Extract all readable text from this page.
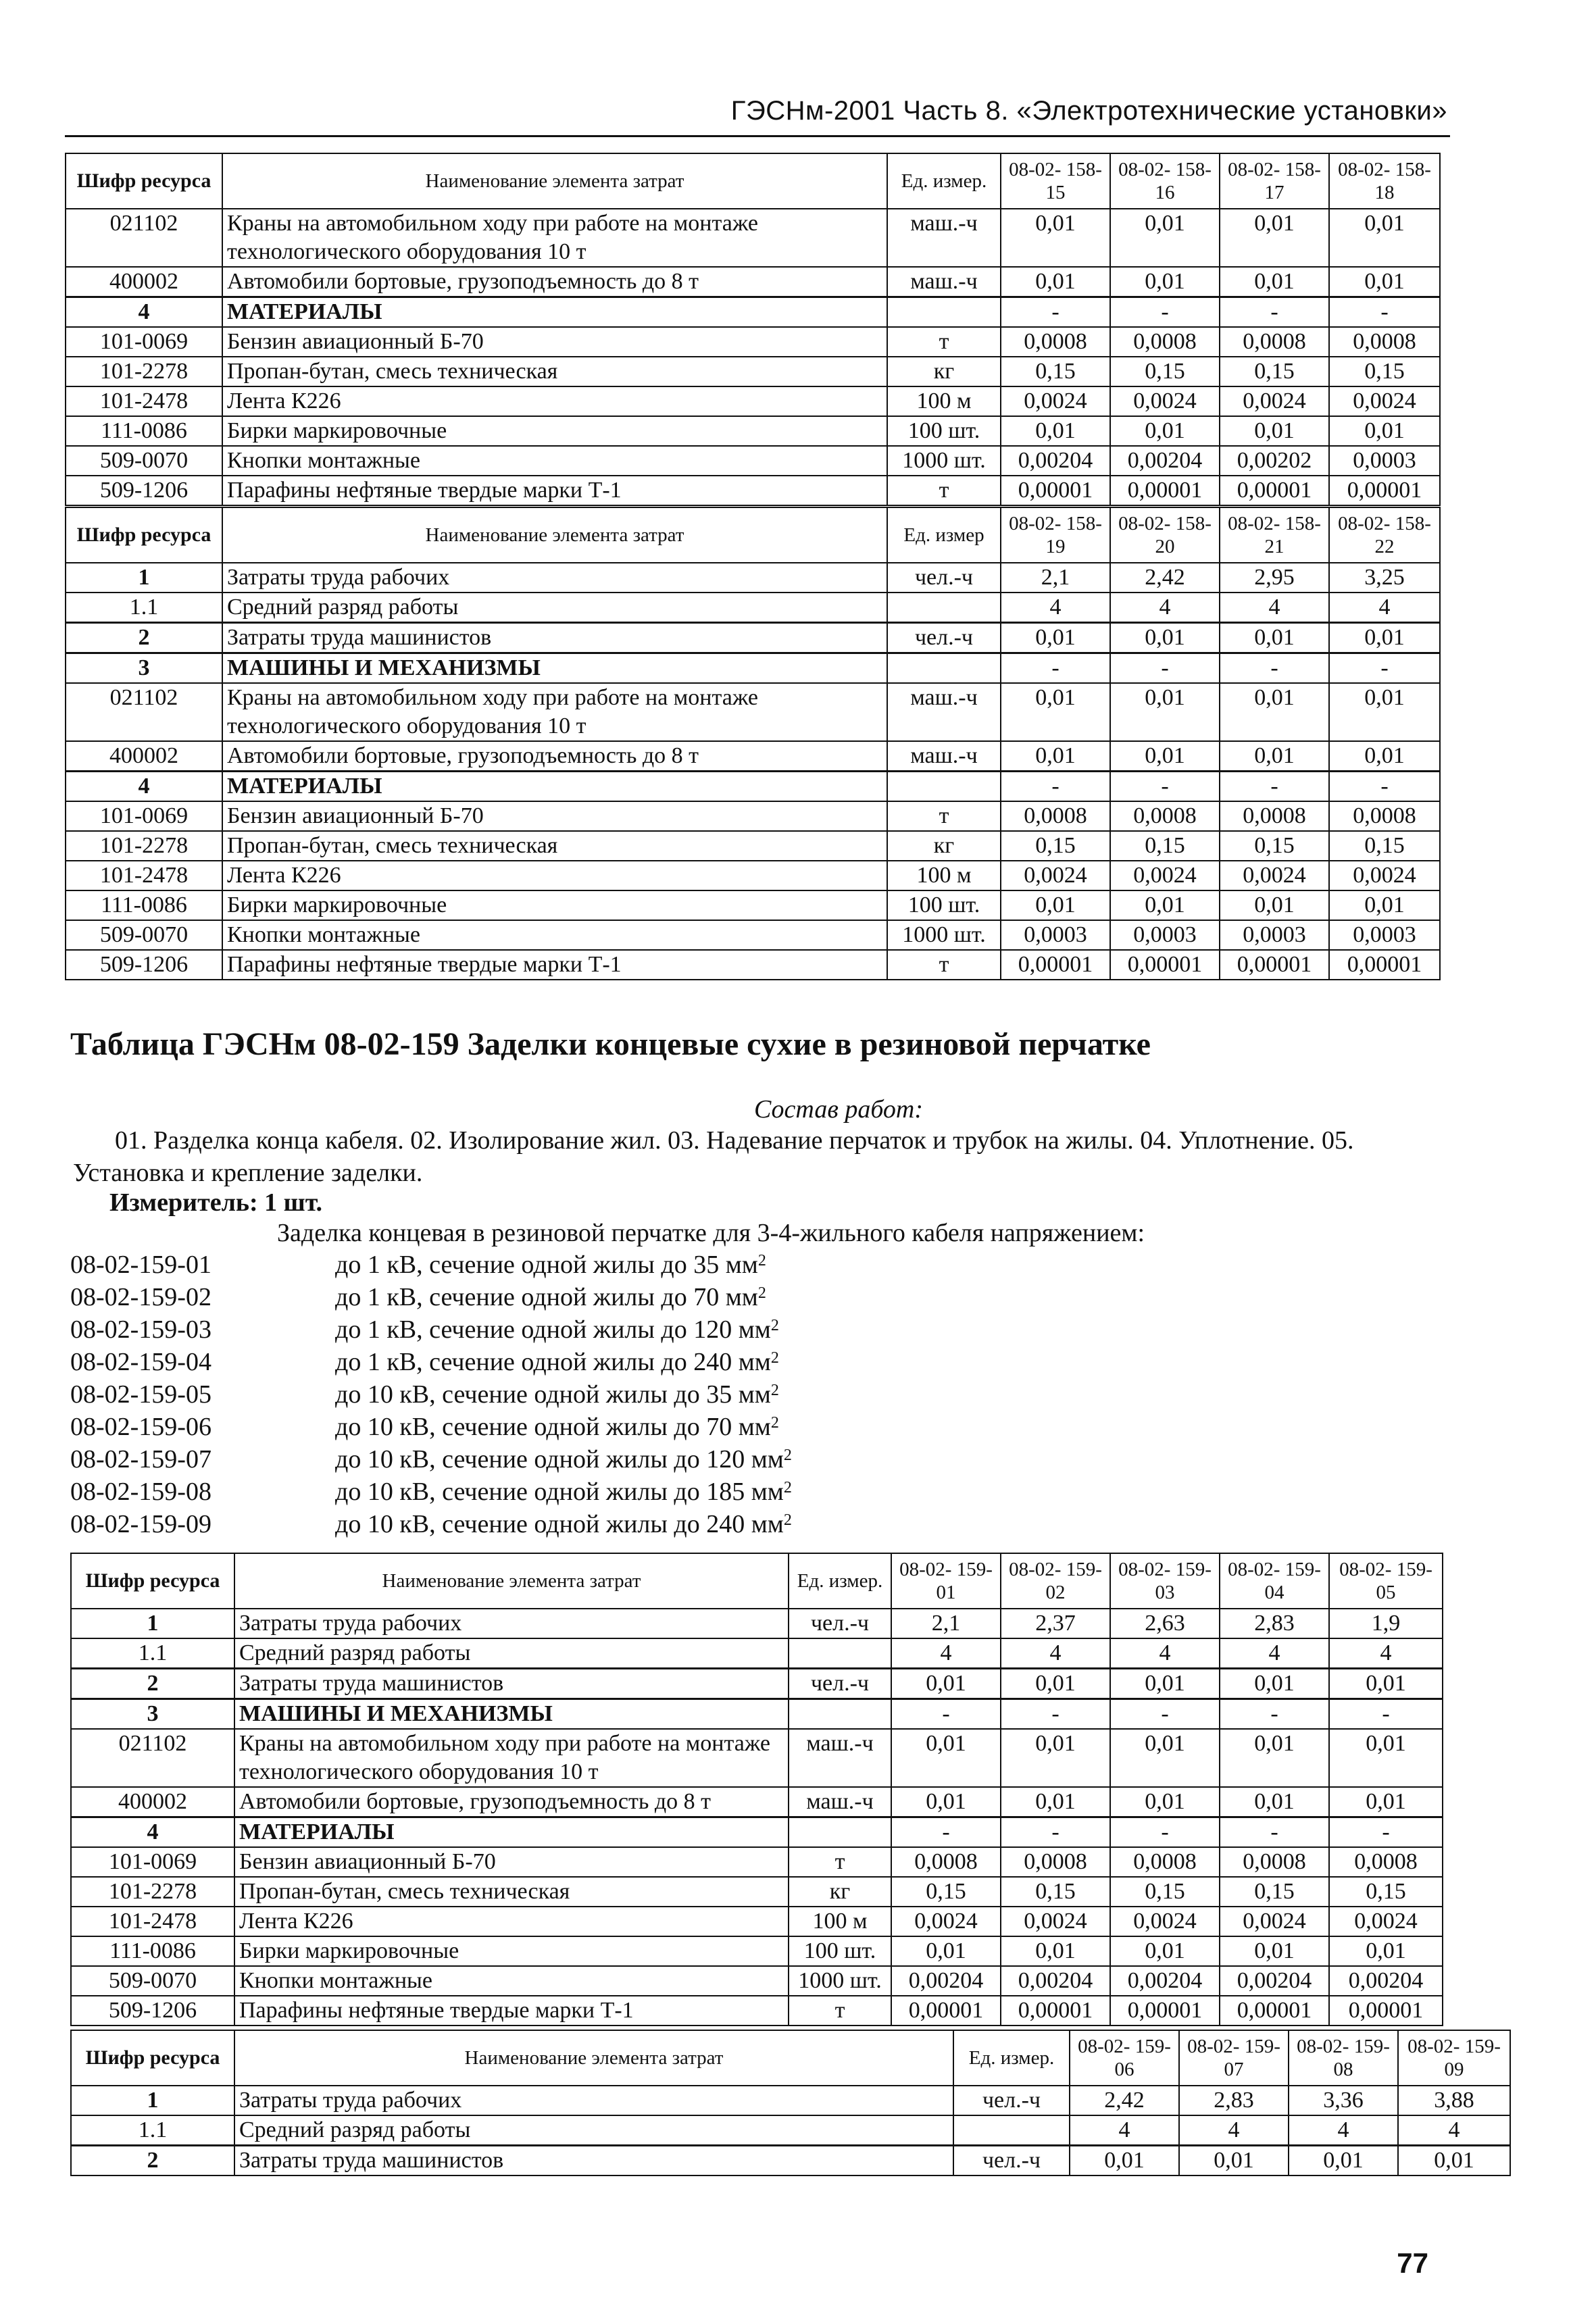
ГЭСНм-2001 Часть 8. «Электротехнические установки»
Шифр ресурса	Наименование элемента затрат	Ед. измер.	08-02- 158-15	08-02- 158-16	08-02- 158-17	08-02- 158-18
021102	Краны на автомобильном ходу при работе на монтаже технологического оборудования 10 т	маш.-ч	0,01	0,01	0,01	0,01
400002	Автомобили бортовые, грузоподъемность до 8 т	маш.-ч	0,01	0,01	0,01	0,01
4	МАТЕРИАЛЫ		-	-	-	-
101-0069	Бензин авиационный Б-70	т	0,0008	0,0008	0,0008	0,0008
101-2278	Пропан-бутан, смесь техническая	кг	0,15	0,15	0,15	0,15
101-2478	Лента К226	100 м	0,0024	0,0024	0,0024	0,0024
111-0086	Бирки маркировочные	100 шт.	0,01	0,01	0,01	0,01
509-0070	Кнопки монтажные	1000 шт.	0,00204	0,00204	0,00202	0,0003
509-1206	Парафины нефтяные твердые марки Т-1	т	0,00001	0,00001	0,00001	0,00001
Шифр ресурса	Наименование элемента затрат	Ед. измер	08-02- 158-19	08-02- 158-20	08-02- 158-21	08-02- 158-22
1	Затраты труда рабочих	чел.-ч	2,1	2,42	2,95	3,25
1.1	Средний разряд работы		4	4	4	4
2	Затраты труда машинистов	чел.-ч	0,01	0,01	0,01	0,01
3	МАШИНЫ И МЕХАНИЗМЫ		-	-	-	-
021102	Краны на автомобильном ходу при работе на монтаже технологического оборудования 10 т	маш.-ч	0,01	0,01	0,01	0,01
400002	Автомобили бортовые, грузоподъемность до 8 т	маш.-ч	0,01	0,01	0,01	0,01
4	МАТЕРИАЛЫ		-	-	-	-
101-0069	Бензин авиационный Б-70	т	0,0008	0,0008	0,0008	0,0008
101-2278	Пропан-бутан, смесь техническая	кг	0,15	0,15	0,15	0,15
101-2478	Лента К226	100 м	0,0024	0,0024	0,0024	0,0024
111-0086	Бирки маркировочные	100 шт.	0,01	0,01	0,01	0,01
509-0070	Кнопки монтажные	1000 шт.	0,0003	0,0003	0,0003	0,0003
509-1206	Парафины нефтяные твердые марки Т-1	т	0,00001	0,00001	0,00001	0,00001
Таблица ГЭСНм 08-02-159 Заделки концевые сухие в резиновой перчатке
Состав работ:
01. Разделка конца кабеля. 02. Изолирование жил. 03. Надевание перчаток и трубок на жилы. 04. Уплотнение. 05. Установка и крепление заделки.
Измеритель: 1 шт.
Заделка концевая в резиновой перчатке для 3-4-жильного кабеля напряжением:
08-02-159-01	до 1 кВ, сечение одной жилы до 35 $мм^2$
08-02-159-02	до 1 кВ, сечение одной жилы до 70 $мм^2$
08-02-159-03	до 1 кВ, сечение одной жилы до 120 $мм^2$
08-02-159-04	до 1 кВ, сечение одной жилы до 240 $мм^2$
08-02-159-05	до 10 кВ, сечение одной жилы до 35 $мм^2$
08-02-159-06	до 10 кВ, сечение одной жилы до 70 $мм^2$
08-02-159-07	до 10 кВ, сечение одной жилы до 120 $мм^2$
08-02-159-08	до 10 кВ, сечение одной жилы до 185 $мм^2$
08-02-159-09	до 10 кВ, сечение одной жилы до 240 $мм^2$
Шифр ресурса	Наименование элемента затрат	Ед. измер.	08-02- 159-01	08-02- 159-02	08-02- 159-03	08-02- 159-04	08-02- 159-05
1	Затраты труда рабочих	чел.-ч	2,1	2,37	2,63	2,83	1,9
1.1	Средний разряд работы		4	4	4	4	4
2	Затраты труда машинистов	чел.-ч	0,01	0,01	0,01	0,01	0,01
3	МАШИНЫ И МЕХАНИЗМЫ		-	-	-	-	-
021102	Краны на автомобильном ходу при работе на монтаже технологического оборудования 10 т	маш.-ч	0,01	0,01	0,01	0,01	0,01
400002	Автомобили бортовые, грузоподъемность до 8 т	маш.-ч	0,01	0,01	0,01	0,01	0,01
4	МАТЕРИАЛЫ		-	-	-	-	-
101-0069	Бензин авиационный Б-70	т	0,0008	0,0008	0,0008	0,0008	0,0008
101-2278	Пропан-бутан, смесь техническая	кг	0,15	0,15	0,15	0,15	0,15
101-2478	Лента К226	100 м	0,0024	0,0024	0,0024	0,0024	0,0024
111-0086	Бирки маркировочные	100 шт.	0,01	0,01	0,01	0,01	0,01
509-0070	Кнопки монтажные	1000 шт.	0,00204	0,00204	0,00204	0,00204	0,00204
509-1206	Парафины нефтяные твердые марки Т-1	т	0,00001	0,00001	0,00001	0,00001	0,00001
Шифр ресурса	Наименование элемента затрат	Ед. измер.	08-02- 159-06	08-02- 159-07	08-02- 159-08	08-02- 159-09
1	Затраты труда рабочих	чел.-ч	2,42	2,83	3,36	3,88
1.1	Средний разряд работы		4	4	4	4
2	Затраты труда машинистов	чел.-ч	0,01	0,01	0,01	0,01
77
